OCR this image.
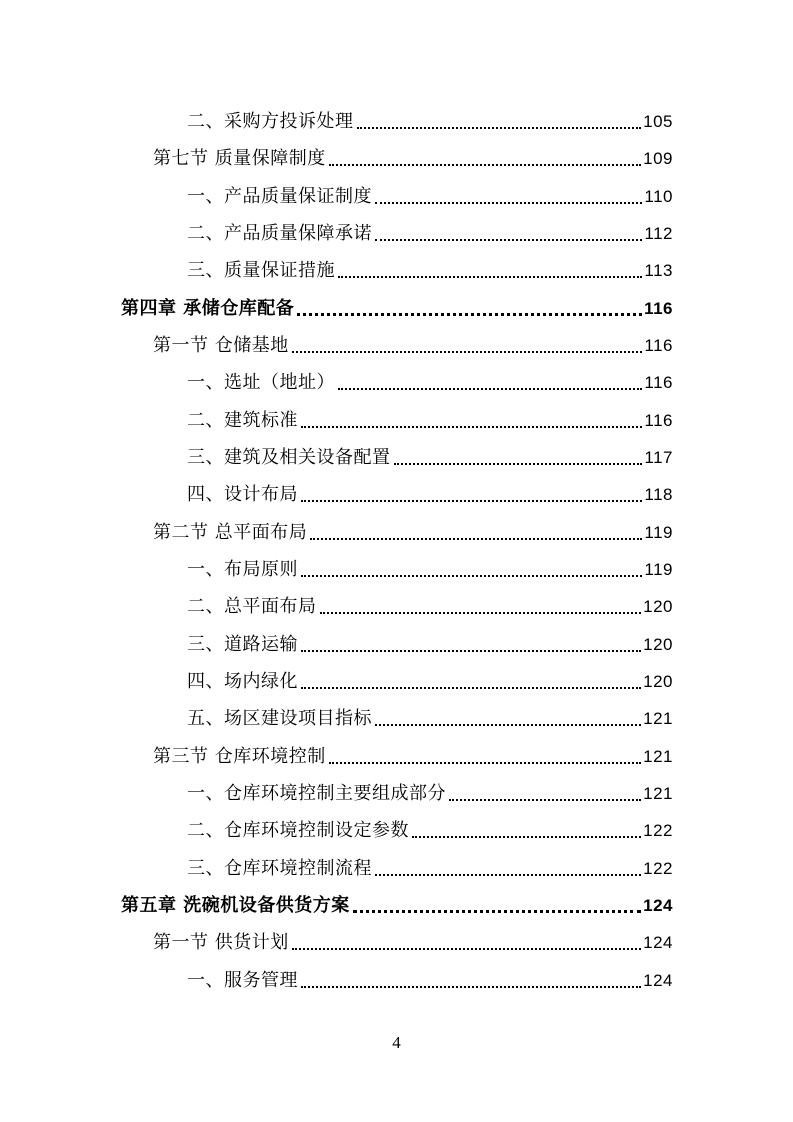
二、采购方投诉处理	105
第七节 质量保障制度	109
一、产品质量保证制度	110
二、产品质量保障承诺	112
三、质量保证措施	113
第四章 承储仓库配备	116
第一节 仓储基地	116
一、选址（地址）	116
二、建筑标准	116
三、建筑及相关设备配置	117
四、设计布局	118
第二节 总平面布局	119
一、布局原则	119
二、总平面布局	120
三、道路运输	120
四、场内绿化	120
五、场区建设项目指标	121
第三节 仓库环境控制	121
一、仓库环境控制主要组成部分	121
二、仓库环境控制设定参数	122
三、仓库环境控制流程	122
第五章 洗碗机设备供货方案	124
第一节 供货计划	124
一、服务管理	124
4
